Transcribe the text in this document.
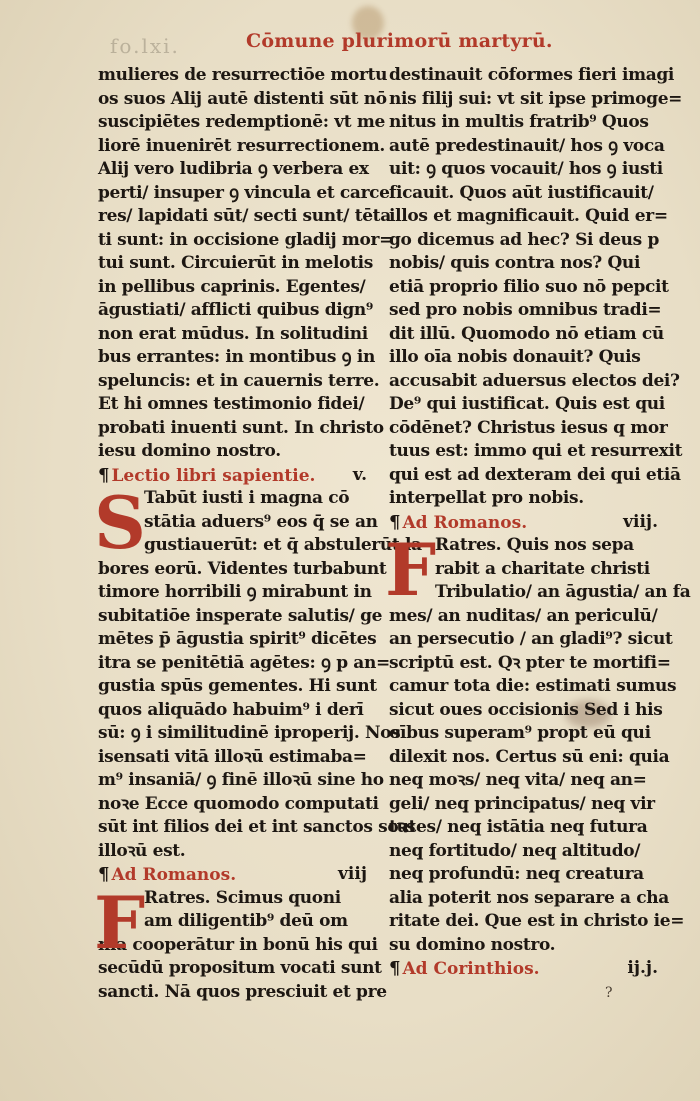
fo.lxi.	Cōmune plurimorū martyrū.
mulieres de resurrectiōe mortu
os suos Alij autē distenti sūt nō
suscipiētes redemptionē: vt me
liorē inuenirēt resurrectionem.
Alij vero ludibria ꝯ verbera ex
perti/ insuper ꝯ vincula et carce
res/ lapidati sūt/ secti sunt/ tēta
ti sunt: in occisione gladij mor=
tui sunt. Circuierūt in melotis
in pellibus caprinis. Egentes/
āgustiati/ afflicti quibus dign⁹
non erat mūdus. In solitudini
bus errantes: in montibus ꝯ in
speluncis: et in cauernis terre.
Et hi omnes testimonio fidei/
probati inuenti sunt. In christo
iesu domino nostro.
¶ Lectio libri sapientie. v.
S
Tabūt iusti i magna cō
stātia aduers⁹ eos q̄ se an
gustiauerūt: et q̄ abstulerūt la
bores eorū. Videntes turbabunt
timore horribili ꝯ mirabunt in
subitatiōe insperate salutis/ ge
mētes p̄ āgustia spirit⁹ dicētes
itra se penitētiā agētes: ꝯ p an=
gustia spūs gementes. Hi sunt
quos aliquādo habuim⁹ i derī
sū: ꝯ i similitudinē iproperij. Nos
isensati vitā illoꝛū estimaba=
m⁹ insaniā/ ꝯ finē illoꝛū sine ho
noꝛe Ecce quomodo computati
sūt int filios dei et int sanctos soꝛs
illoꝛū est.
¶ Ad Romanos.	viij
F
Ratres. Scimus quoni
am diligentib⁹ deū om
nia cooperātur in bonū his qui
secūdū propositum vocati sunt
sancti. Nā quos presciuit et pre
destinauit cōformes fieri imagi
nis filij sui: vt sit ipse primoge=
nitus in multis fratrib⁹ Quos
autē predestinauit/ hos ꝯ voca
uit: ꝯ quos vocauit/ hos ꝯ iusti
ficauit. Quos aūt iustificauit/
illos et magnificauit. Quid er=
go dicemus ad hec? Si deus p
nobis/ quis contra nos? Qui
etiā proprio filio suo nō pepcit
sed pro nobis omnibus tradi=
dit illū. Quomodo nō etiam cū
illo oīa nobis donauit? Quis
accusabit aduersus electos dei?
De⁹ qui iustificat. Quis est qui
cōdēnet? Christus iesus q mor
tuus est: immo qui et resurrexit
qui est ad dexteram dei qui etiā
interpellat pro nobis.
¶ Ad Romanos.	viij.
F
Ratres. Quis nos sepa
rabit a charitate christi
Tribulatio/ an āgustia/ an fa
mes/ an nuditas/ an periculū/
an persecutio / an gladi⁹? sicut
scriptū est. Qꝛ pter te mortifi=
camur tota die: estimati sumus
sicut oues occisionis Sed i his
oībus superam⁹ propt eū qui
dilexit nos. Certus sū eni: quia
neq̧ moꝛs/ neq̧ vita/ neq̧ an=
geli/ neq̧ principatus/ neq̧ vir
tutes/ neq̧ istātia neq̧ futura
neq̧ fortitudo/ neq̧ altitudo/
neq̧ profundū: neq̧ creatura
alia poterit nos separare a cha
ritate dei. Que est in christo ie=
su domino nostro.
¶ Ad Corinthios.	ij.j.
?
